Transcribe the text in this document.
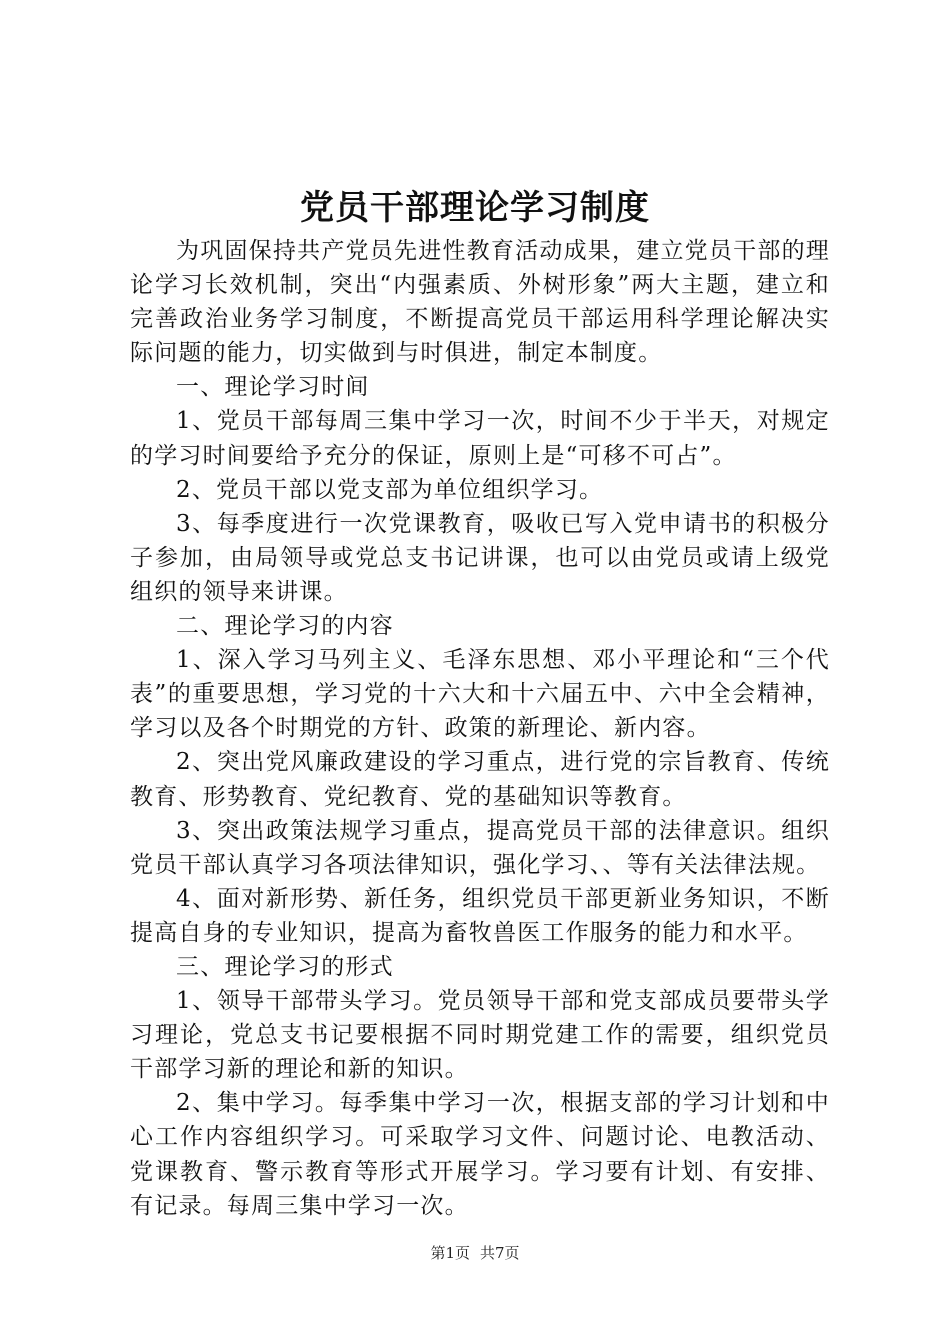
党员干部理论学习制度

为巩固保持共产党员先进性教育活动成果，建立党员干部的理论学习长效机制，突出“内强素质、外树形象”两大主题，建立和完善政治业务学习制度，不断提高党员干部运用科学理论解决实际问题的能力，切实做到与时俱进，制定本制度。

一、理论学习时间

1、党员干部每周三集中学习一次，时间不少于半天，对规定的学习时间要给予充分的保证，原则上是“可移不可占”。

2、党员干部以党支部为单位组织学习。

3、每季度进行一次党课教育，吸收已写入党申请书的积极分子参加，由局领导或党总支书记讲课，也可以由党员或请上级党组织的领导来讲课。

二、理论学习的内容

1、深入学习马列主义、毛泽东思想、邓小平理论和“三个代表”的重要思想，学习党的十六大和十六届五中、六中全会精神，学习以及各个时期党的方针、政策的新理论、新内容。

2、突出党风廉政建设的学习重点，进行党的宗旨教育、传统教育、形势教育、党纪教育、党的基础知识等教育。

3、突出政策法规学习重点，提高党员干部的法律意识。组织党员干部认真学习各项法律知识，强化学习、、等有关法律法规。

4、面对新形势、新任务，组织党员干部更新业务知识，不断提高自身的专业知识，提高为畜牧兽医工作服务的能力和水平。

三、理论学习的形式

1、领导干部带头学习。党员领导干部和党支部成员要带头学习理论，党总支书记要根据不同时期党建工作的需要，组织党员干部学习新的理论和新的知识。

2、集中学习。每季集中学习一次，根据支部的学习计划和中心工作内容组织学习。可采取学习文件、问题讨论、电教活动、党课教育、警示教育等形式开展学习。学习要有计划、有安排、有记录。每周三集中学习一次。

第1页 共7页
